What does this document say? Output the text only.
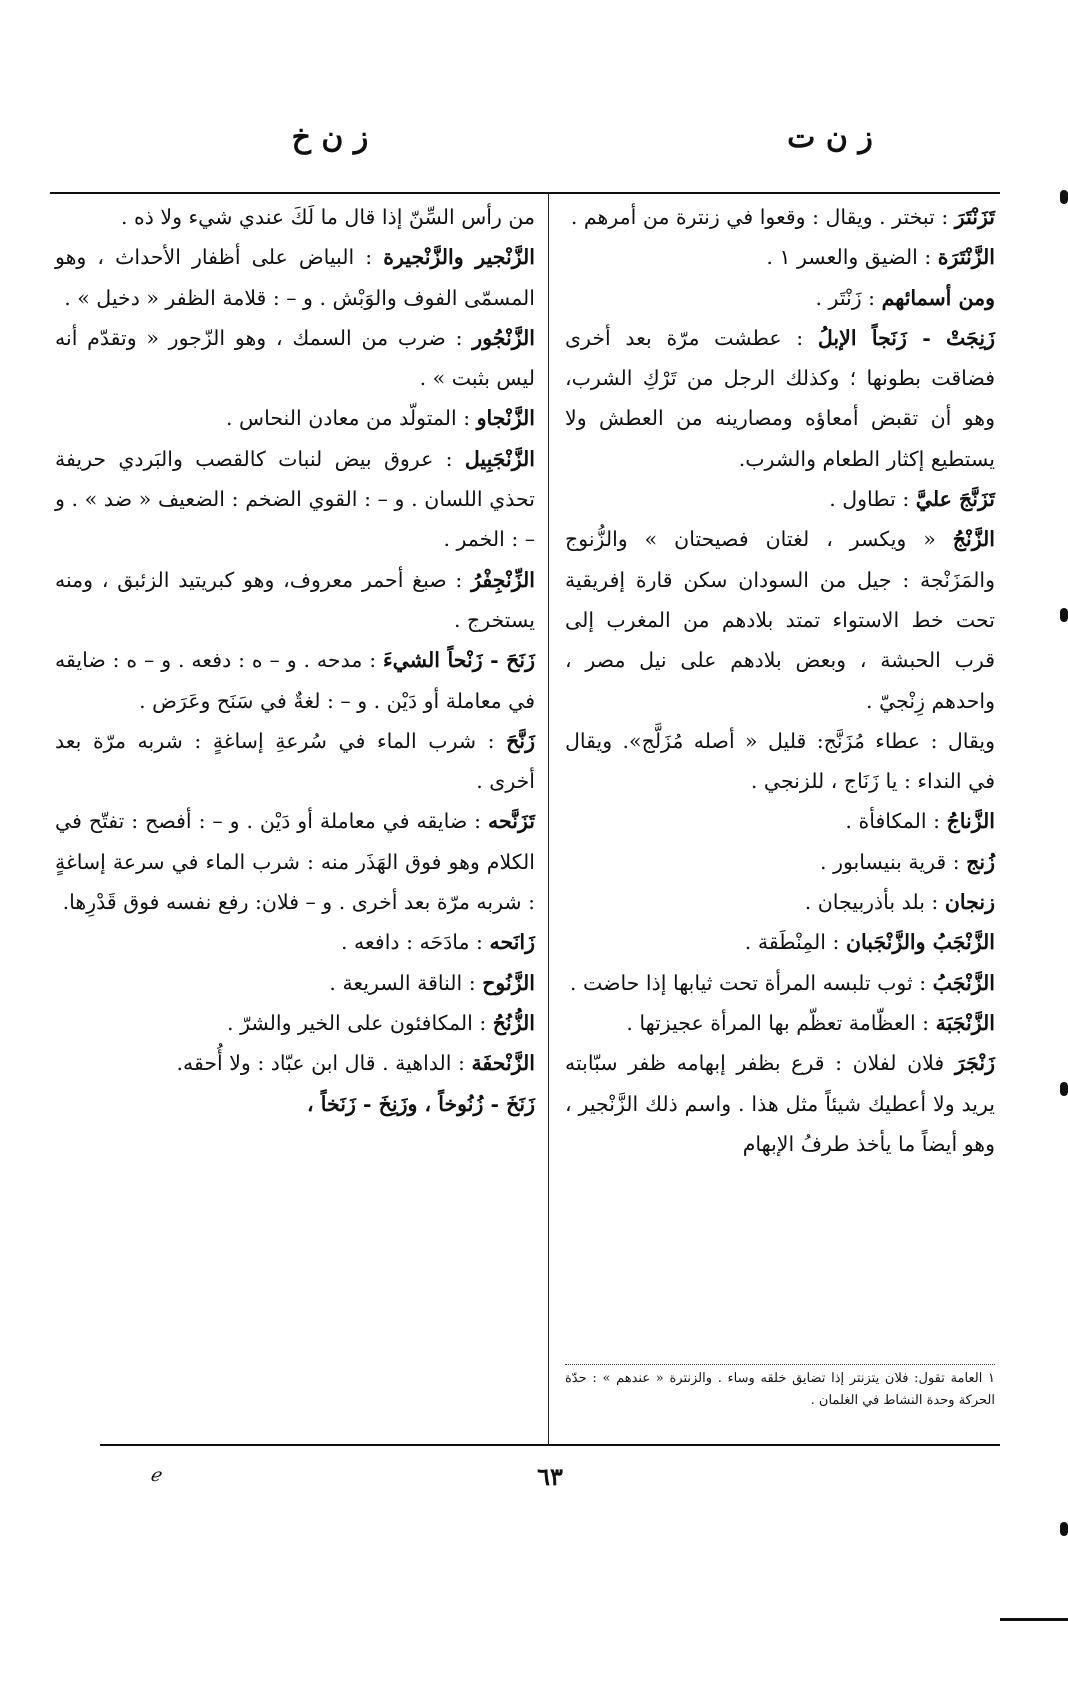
ز ن ت
ز ن خ

تَزَنْتَرَ : تبختر . ويقال : وقعوا في زنترة من أمرهم .

الزَّنْتَرَة : الضيق والعسر ١ .

ومن أسمائهم : زَنْتَر .

زَنِجَتْ - زَنَجاً الإبلُ : عطشت مرّة بعد أخرى فضاقت بطونها ؛ وكذلك الرجل من تَرْكِ الشرب، وهو أن تقبض أمعاؤه ومصارينه من العطش ولا يستطيع إكثار الطعام والشرب.

تَزَنَّجَ عليَّ : تطاول .

الزَّنْجُ « ويكسر ، لغتان فصيحتان » والزُّنوج والمَزَنْجة : جيل من السودان سكن قارة إفريقية تحت خط الاستواء تمتد بلادهم من المغرب إلى قرب الحبشة ، وبعض بلادهم على نيل مصر ، واحدهم زِنْجيّ .

ويقال : عطاء مُزَنَّج: قليل « أصله مُزَلَّج». ويقال في النداء : يا زَنَاج ، للزنجي .

الزَّناجُ : المكافأة .

زُنج : قرية بنيسابور .

زنجان : بلد بأذربيجان .

الزَّنْجَبُ والزَّنْجَبان : المِنْطَقة .

الزَّنْجَبُ : ثوب تلبسه المرأة تحت ثيابها إذا حاضت .

الزَّنْجَبَة : العظّامة تعظّم بها المرأة عجيزتها .

زَنْجَرَ فلان لفلان : قرع بظفر إبهامه ظفر سبّابته يريد ولا أعطيك شيئاً مثل هذا . واسم ذلك الزَّنْجير ، وهو أيضاً ما يأخذ طرفُ الإبهام

من رأس السِّنّ إذا قال ما لَكَ عندي شيء ولا ذه .

الزَّنْجير والزَّنْجيرة : البياض على أظفار الأحداث ، وهو المسمّى الفوف والوَبْش . و – : قلامة الظفر « دخيل » .

الزَّنْجُور : ضرب من السمك ، وهو الزّجور « وتقدّم أنه ليس بثبت » .

الزَّنْجاو : المتولّد من معادن النحاس .

الزَّنْجَبِيل : عروق بيض لنبات كالقصب والبَردي حريفة تحذي اللسان . و – : القوي الضخم : الضعيف « ضد » . و – : الخمر .

الزِّنْجِفْرُ : صبغ أحمر معروف، وهو كبريتيد الزئبق ، ومنه يستخرج .

زَنَحَ - زَنْحاً الشيءَ : مدحه . و – ه : دفعه . و – ه : ضايقه في معاملة أو دَيْن . و – : لغةٌ في سَنَح وعَرَض .

زَنَّحَ : شرب الماء في سُرعةِ إساغةٍ : شربه مرّة بعد أخرى .

تَزَنَّحه : ضايقه في معاملة أو دَيْن . و – : أفصح : تفتّح في الكلام وهو فوق الهَذَر منه : شرب الماء في سرعة إساغةٍ : شربه مرّة بعد أخرى . و – فلان: رفع نفسه فوق قَدْرِها.

زَانَحه : مادَحَه : دافعه .

الزَّنُوح : الناقة السريعة .

الزُّنُحُ : المكافئون على الخير والشرّ .

الزَّنْحفَة : الداهية . قال ابن عبّاد : ولا أُحقه.

زَنَخَ - زُنُوخاً ، وزَنِخَ - زَنَخاً ،

١ العامة تقول: فلان يتزنتر إذا تضايق خلقه وساء . والزنترة « عندهم » : حدّة الحركة وحدة النشاط في الغلمان .
٦٣
ℯ
